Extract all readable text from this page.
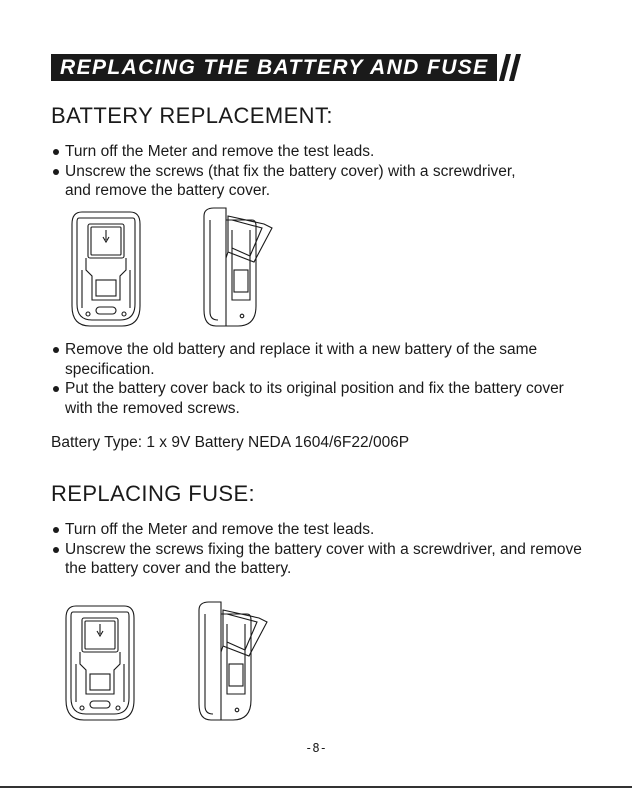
REPLACING THE BATTERY AND FUSE
BATTERY REPLACEMENT:
Turn off the Meter and remove the test leads.
Unscrew the screws (that fix the battery cover) with a screwdriver, and remove the battery cover.
Remove the old battery and replace it with a new battery of the same specification.
Put the battery cover back to its original position and fix the battery cover with the removed screws.

Battery Type: 1 x 9V Battery NEDA 1604/6F22/006P

REPLACING FUSE:
Turn off the Meter and remove the test leads.
Unscrew the screws fixing the battery cover with a screwdriver, and remove the battery cover and the battery.
-8-
